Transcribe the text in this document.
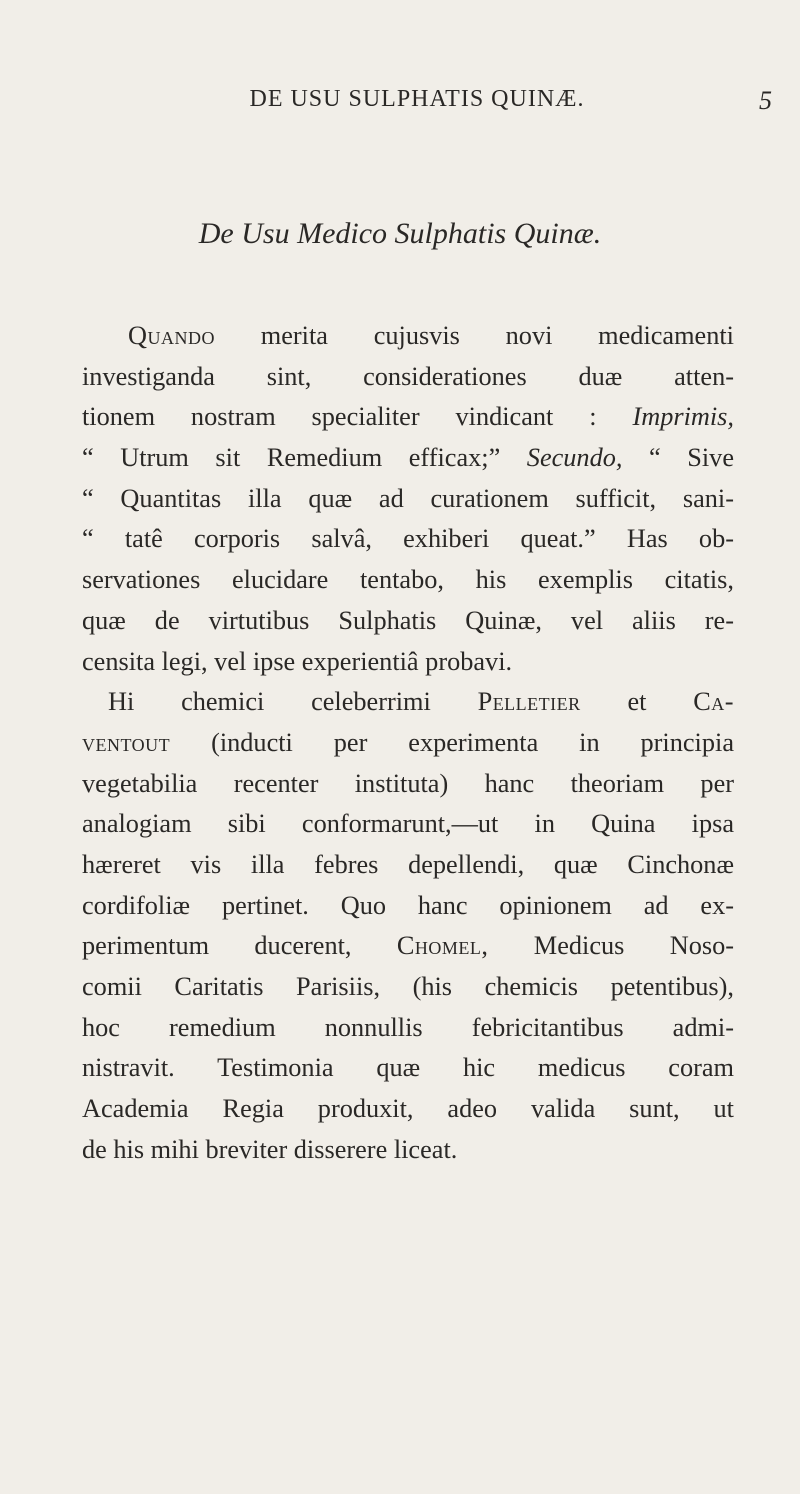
DE USU SULPHATIS QUINÆ.	5
De Usu Medico Sulphatis Quinæ.

Quando merita cujusvis novi medicamenti
investiganda sint, considerationes duæ atten-
tionem nostram specialiter vindicant : Imprimis,
“ Utrum sit Remedium efficax;” Secundo, “ Sive
“ Quantitas illa quæ ad curationem sufficit, sani-
“ tatê corporis salvâ, exhiberi queat.” Has ob-
servationes elucidare tentabo, his exemplis citatis,
quæ de virtutibus Sulphatis Quinæ, vel aliis re-
censita legi, vel ipse experientiâ probavi.

Hi chemici celeberrimi Pelletier et Ca-
ventout (inducti per experimenta in principia
vegetabilia recenter instituta) hanc theoriam per
analogiam sibi conformarunt,—ut in Quina ipsa
hæreret vis illa febres depellendi, quæ Cinchonæ
cordifoliæ pertinet. Quo hanc opinionem ad ex-
perimentum ducerent, Chomel, Medicus Noso-
comii Caritatis Parisiis, (his chemicis petentibus),
hoc remedium nonnullis febricitantibus admi-
nistravit. Testimonia quæ hic medicus coram
Academia Regia produxit, adeo valida sunt, ut
de his mihi breviter disserere liceat.
